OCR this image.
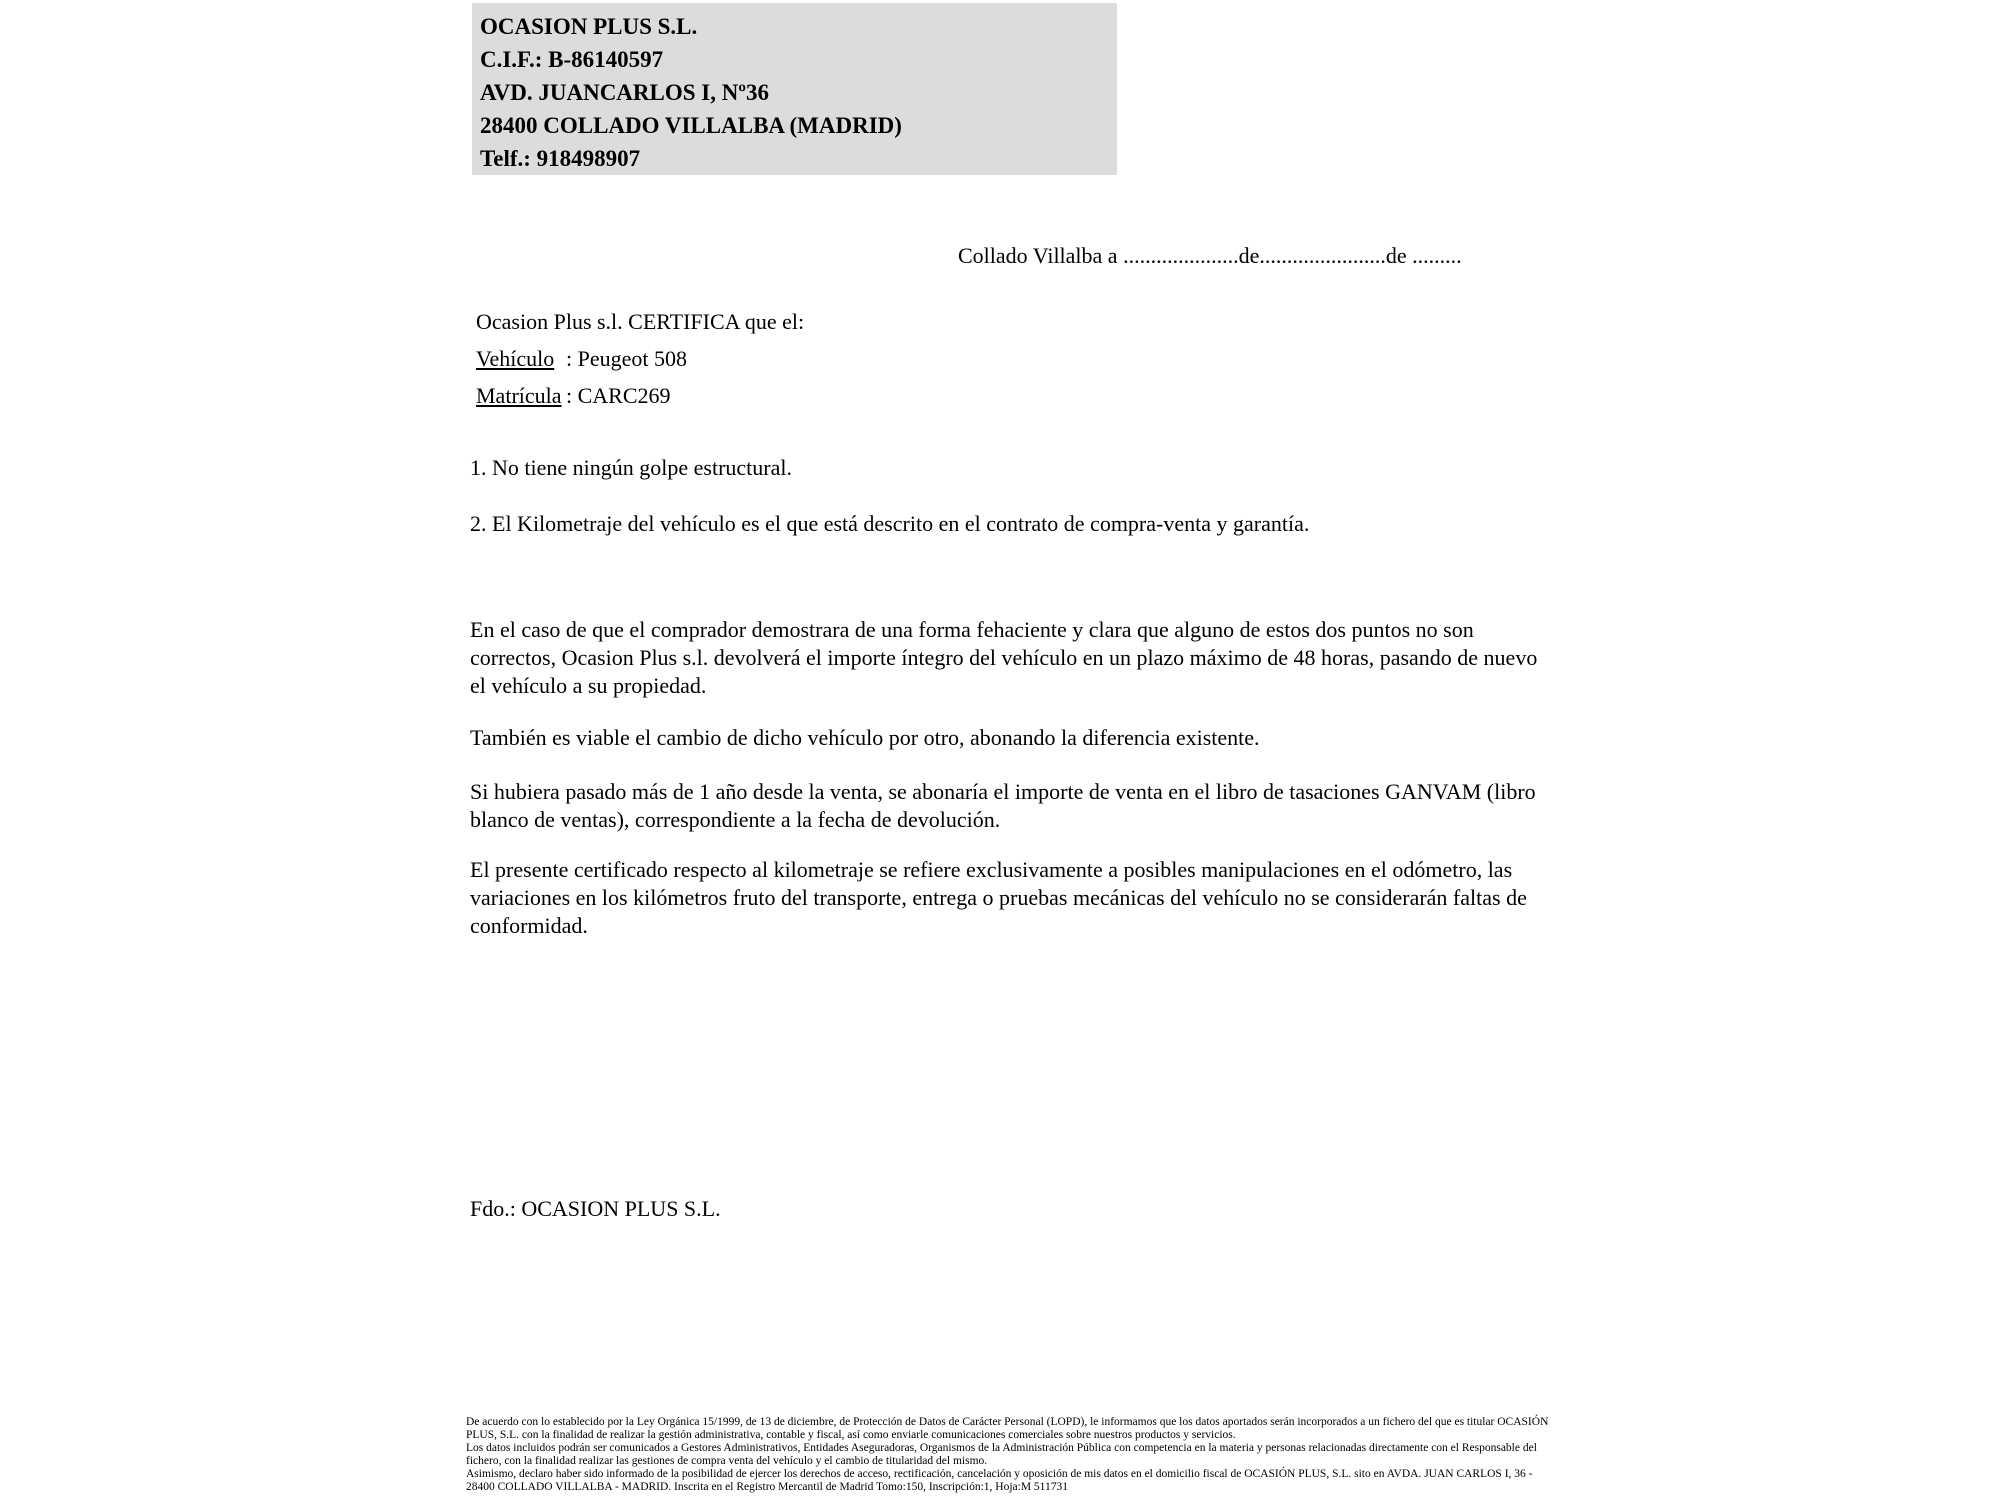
OCASION PLUS S.L.
C.I.F.: B-86140597
AVD. JUANCARLOS I, Nº36
28400 COLLADO VILLALBA (MADRID)
Telf.: 918498907
Collado Villalba a .....................de.......................de .........
Ocasion Plus s.l. CERTIFICA que el:
Vehículo : Peugeot 508
Matrícula : CARC269
1. No tiene ningún golpe estructural.
2. El Kilometraje del vehículo es el que está descrito en el contrato de compra-venta y garantía.
En el caso de que el comprador demostrara de una forma fehaciente y clara que alguno de estos dos puntos no son correctos, Ocasion Plus s.l. devolverá el importe íntegro del vehículo en un plazo máximo de 48 horas, pasando de nuevo el vehículo a su propiedad.
También es viable el cambio de dicho vehículo por otro, abonando la diferencia existente.
Si hubiera pasado más de 1 año desde la venta, se abonaría el importe de venta en el libro de tasaciones GANVAM (libro blanco de ventas), correspondiente a la fecha de devolución.
El presente certificado respecto al kilometraje se refiere exclusivamente a posibles manipulaciones en el odómetro, las variaciones en los kilómetros fruto del transporte, entrega o pruebas mecánicas del vehículo no se considerarán faltas de conformidad.
Fdo.: OCASION PLUS S.L.

De acuerdo con lo establecido por la Ley Orgánica 15/1999, de 13 de diciembre, de Protección de Datos de Carácter Personal (LOPD), le informamos que los datos aportados serán incorporados a un fichero del que es titular OCASIÓN PLUS, S.L. con la finalidad de realizar la gestión administrativa, contable y fiscal, así como enviarle comunicaciones comerciales sobre nuestros productos y servicios.

Los datos incluidos podrán ser comunicados a Gestores Administrativos, Entidades Aseguradoras, Organismos de la Administración Pública con competencia en la materia y personas relacionadas directamente con el Responsable del fichero, con la finalidad realizar las gestiones de compra venta del vehículo y el cambio de titularidad del mismo.

Asimismo, declaro haber sido informado de la posibilidad de ejercer los derechos de acceso, rectificación, cancelación y oposición de mis datos en el domicilio fiscal de OCASIÓN PLUS, S.L. sito en AVDA. JUAN CARLOS I, 36 - 28400 COLLADO VILLALBA - MADRID. Inscrita en el Registro Mercantil de Madrid Tomo:150, Inscripción:1, Hoja:M 511731
